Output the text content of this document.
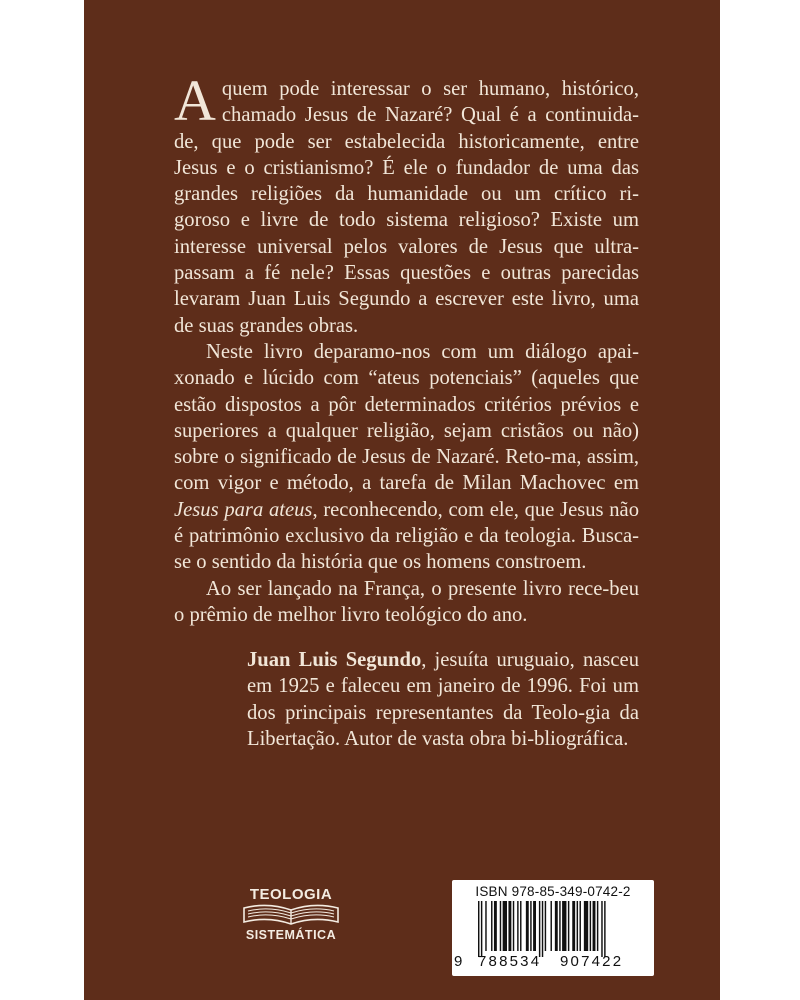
Aquem pode interessar o ser humano, histórico, chamado Jesus de Nazaré? Qual é a continuida-de, que pode ser estabelecida historicamente, entre Jesus e o cristianismo? É ele o fundador de uma das grandes religiões da humanidade ou um crítico ri-goroso e livre de todo sistema religioso? Existe um interesse universal pelos valores de Jesus que ultra-passam a fé nele? Essas questões e outras parecidas levaram Juan Luis Segundo a escrever este livro, uma de suas grandes obras.

Neste livro deparamo-nos com um diálogo apai-xonado e lúcido com “ateus potenciais” (aqueles que estão dispostos a pôr determinados critérios prévios e superiores a qualquer religião, sejam cristãos ou não) sobre o significado de Jesus de Nazaré. Reto-ma, assim, com vigor e método, a tarefa de Milan Machovec em Jesus para ateus, reconhecendo, com ele, que Jesus não é patrimônio exclusivo da religião e da teologia. Busca-se o sentido da história que os homens constroem.

Ao ser lançado na França, o presente livro rece-beu o prêmio de melhor livro teológico do ano.

Juan Luis Segundo, jesuíta uruguaio, nasceu em 1925 e faleceu em janeiro de 1996. Foi um dos principais representantes da Teolo-gia da Libertação. Autor de vasta obra bi-bliográfica.

TEOLOGIA
SISTEMÁTICA
ISBN 978-85-349-0742-2
9 788534 907422
